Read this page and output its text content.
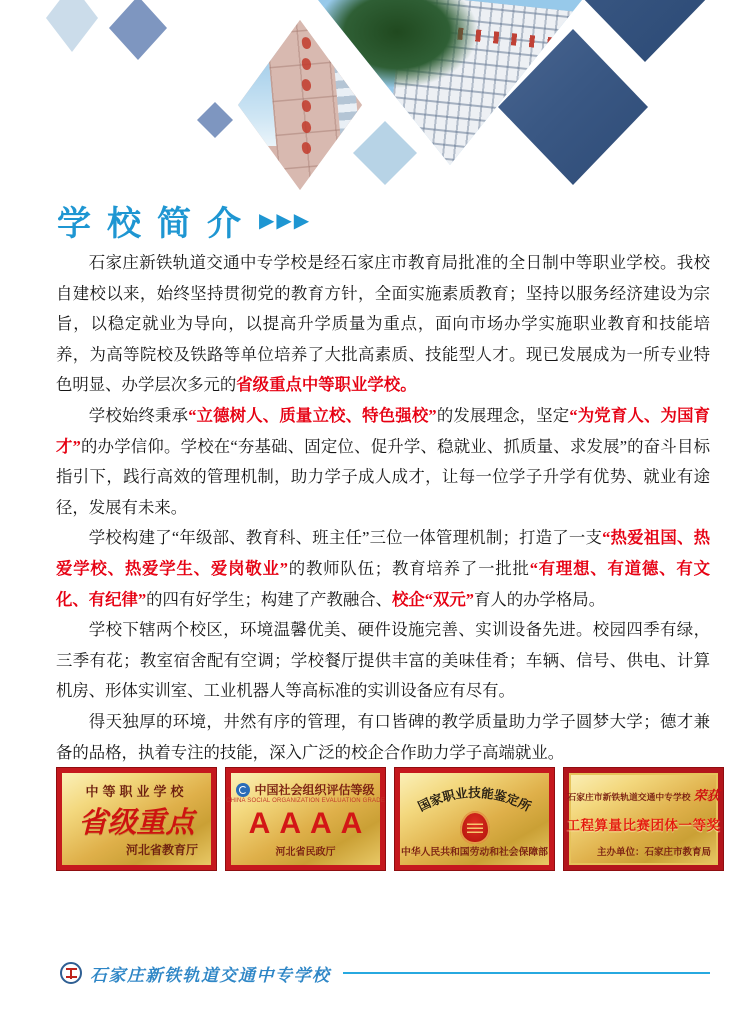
学校简介 ▶▶▶

石家庄新铁轨道交通中专学校是经石家庄市教育局批准的全日制中等职业学校。我校自建校以来，始终坚持贯彻党的教育方针，全面实施素质教育；坚持以服务经济建设为宗旨，以稳定就业为导向，以提高升学质量为重点，面向市场办学实施职业教育和技能培养，为高等院校及铁路等单位培养了大批高素质、技能型人才。现已发展成为一所专业特色明显、办学层次多元的省级重点中等职业学校。

学校始终秉承“立德树人、质量立校、特色强校”的发展理念，坚定“为党育人、为国育才”的办学信仰。学校在“夯基础、固定位、促升学、稳就业、抓质量、求发展”的奋斗目标指引下，践行高效的管理机制，助力学子成人成才，让每一位学子升学有优势、就业有途径，发展有未来。

学校构建了“年级部、教育科、班主任”三位一体管理机制；打造了一支“热爱祖国、热爱学校、热爱学生、爱岗敬业”的教师队伍；教育培养了一批批“有理想、有道德、有文化、有纪律”的四有好学生；构建了产教融合、校企“双元”育人的办学格局。

学校下辖两个校区，环境温馨优美、硬件设施完善、实训设备先进。校园四季有绿，三季有花；教室宿舍配有空调；学校餐厅提供丰富的美味佳肴；车辆、信号、供电、计算机房、形体实训室、工业机器人等高标准的实训设备应有尽有。

得天独厚的环境，井然有序的管理，有口皆碑的教学质量助力学子圆梦大学；德才兼备的品格，执着专注的技能，深入广泛的校企合作助力学子高端就业。

中等职业学校
省级重点
河北省教育厅
中国社会组织评估等级
CHINA SOCIAL ORGANIZATION EVALUATION GRADE
AAAA
河北省民政厅
国家职业技能鉴定所
中华人民共和国劳动和社会保障部
石家庄市新铁轨道交通中专学校 荣获
工程算量比赛团体一等奖
主办单位：石家庄市教育局
石家庄新铁轨道交通中专学校
